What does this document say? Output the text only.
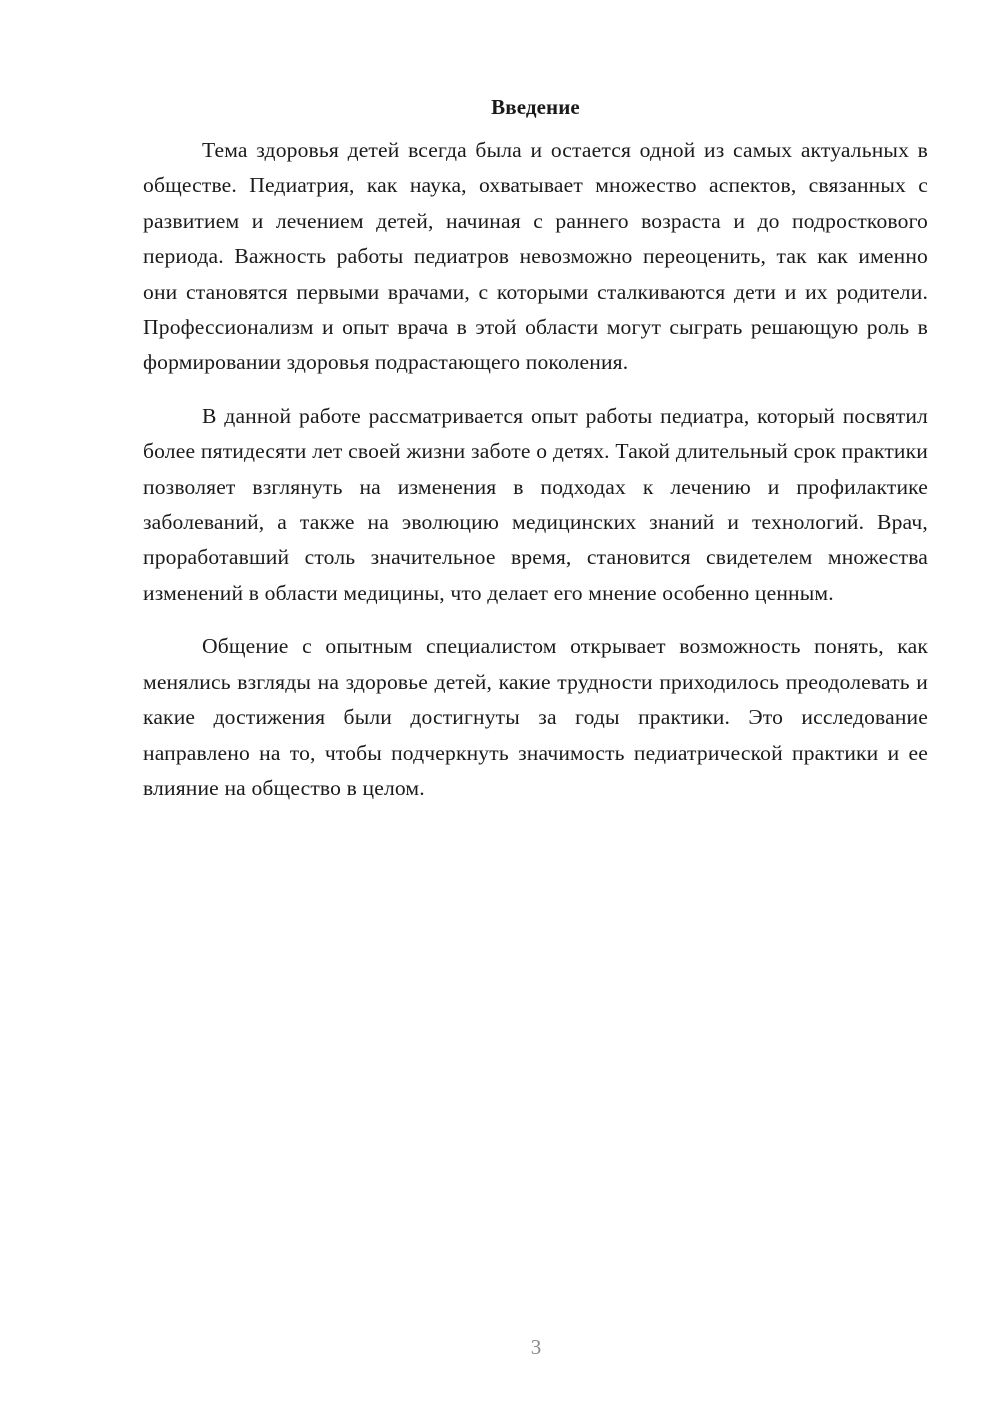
Введение

Тема здоровья детей всегда была и остается одной из самых актуальных в обществе. Педиатрия, как наука, охватывает множество аспектов, связанных с развитием и лечением детей, начиная с раннего возраста и до подросткового периода. Важность работы педиатров невозможно переоценить, так как именно они становятся первыми врачами, с которыми сталкиваются дети и их родители. Профессионализм и опыт врача в этой области могут сыграть решающую роль в формировании здоровья подрастающего поколения.

В данной работе рассматривается опыт работы педиатра, который посвятил более пятидесяти лет своей жизни заботе о детях. Такой длительный срок практики позволяет взглянуть на изменения в подходах к лечению и профилактике заболеваний, а также на эволюцию медицинских знаний и технологий. Врач, проработавший столь значительное время, становится свидетелем множества изменений в области медицины, что делает его мнение особенно ценным.

Общение с опытным специалистом открывает возможность понять, как менялись взгляды на здоровье детей, какие трудности приходилось преодолевать и какие достижения были достигнуты за годы практики. Это исследование направлено на то, чтобы подчеркнуть значимость педиатрической практики и ее влияние на общество в целом.

3
